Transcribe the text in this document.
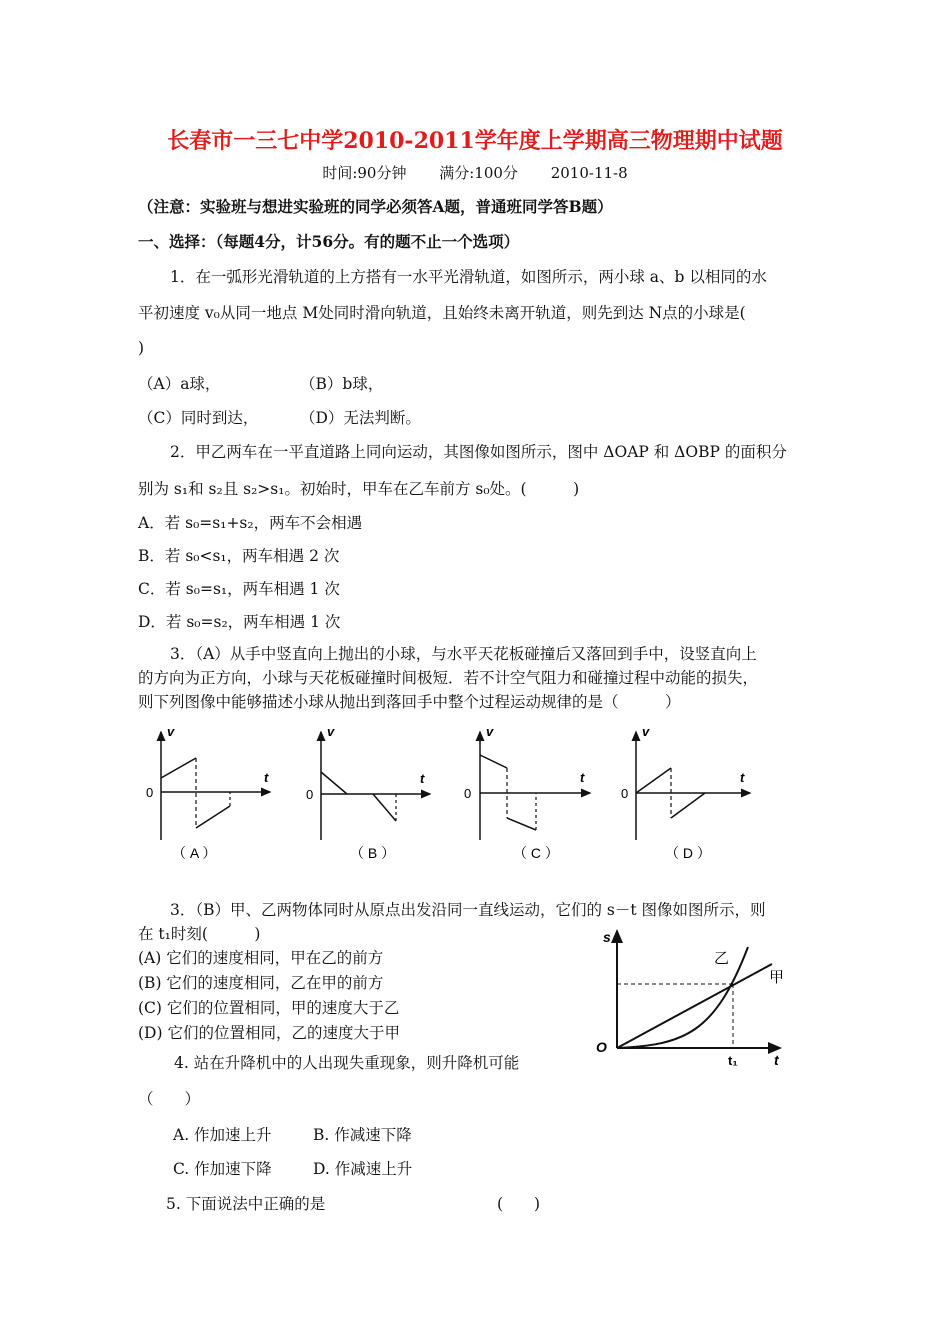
长春市一三七中学2010-2011学年度上学期高三物理期中试题
时间:90分钟 满分:100分 2010-11-8
（注意：实验班与想进实验班的同学必须答A题，普通班同学答B题）
一、选择：（每题4分，计56分。有的题不止一个选项）
1．在一弧形光滑轨道的上方搭有一水平光滑轨道，如图所示，两小球 a、b 以相同的水
平初速度 v₀从同一地点 M处同时滑向轨道，且始终未离开轨道，则先到达 N点的小球是(
)
（A）a球，	（B）b球，
（C）同时到达，	（D）无法判断。
2．甲乙两车在一平直道路上同向运动，其图像如图所示，图中 ΔOAP 和 ΔOBP 的面积分
别为 s₁和 s₂且 s₂>s₁。初始时，甲车在乙车前方 s₀处。(　　　)
A．若 s₀=s₁+s₂，两车不会相遇
B．若 s₀<s₁，两车相遇 2 次
C．若 s₀=s₁，两车相遇 1 次
D．若 s₀=s₂，两车相遇 1 次
3．（A）从手中竖直向上抛出的小球，与水平天花板碰撞后又落回到手中，设竖直向上
的方向为正方向，小球与天花板碰撞时间极短．若不计空气阻力和碰撞过程中动能的损失，
则下列图像中能够描述小球从抛出到落回手中整个过程运动规律的是（　　　）
v
t
0
（ A ）
v
t
0
（ B ）
v
t
0
（ C ）
v
t
0
（ D ）
3．（B）甲、乙两物体同时从原点出发沿同一直线运动，它们的 s－t 图像如图所示，则
在 t₁时刻(　　　)
(A) 它们的速度相同，甲在乙的前方
(B) 它们的速度相同，乙在甲的前方
(C) 它们的位置相同，甲的速度大于乙
(D) 它们的位置相同，乙的速度大于甲
s
t
O
t₁
乙
甲
4. 站在升降机中的人出现失重现象，则升降机可能
（　　）
A. 作加速上升	B. 作减速下降
C. 作加速下降	D. 作减速上升
5. 下面说法中正确的是	(　　)
